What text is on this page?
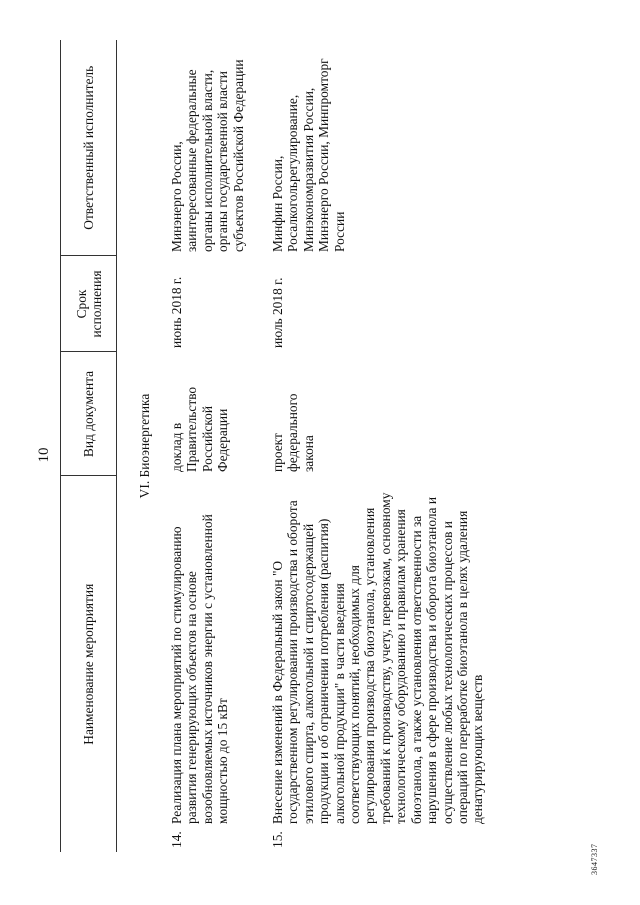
10
Наименование мероприятия		Вид документа	Срок исполнения	Ответственный исполнитель
VI. Биоэнергетика				
14.	Реализация плана мероприятий по стимулированию развития генерирующих объектов на основе возобновляемых источников энергии с установленной мощностью до 15 кВт	доклад в Правительство Российской Федерации	июнь 2018 г.	Минэнерго России, заинтересованные федеральные органы исполнительной власти, органы государственной власти субъектов Российской Федерации
15.	Внесение изменений в Федеральный закон "О государственном регулировании производства и оборота этилового спирта, алкогольной и спиртосодержащей продукции и об ограничении потребления (распития) алкогольной продукции" в части введения соответствующих понятий, необходимых для регулирования производства биоэтанола, установления требований к производству, учету, перевозкам, основному технологическому оборудованию и правилам хранения биоэтанола, а также установления ответственности за нарушения в сфере производства и оборота биоэтанола и осуществление любых технологических процессов и операций по переработке биоэтанола в целях удаления денатурирующих веществ	проект федерального закона	июль 2018 г.	Минфин России, Росалкогольрегулирование, Минэкономразвития России, Минэнерго России, Минпромторг России
3647337
